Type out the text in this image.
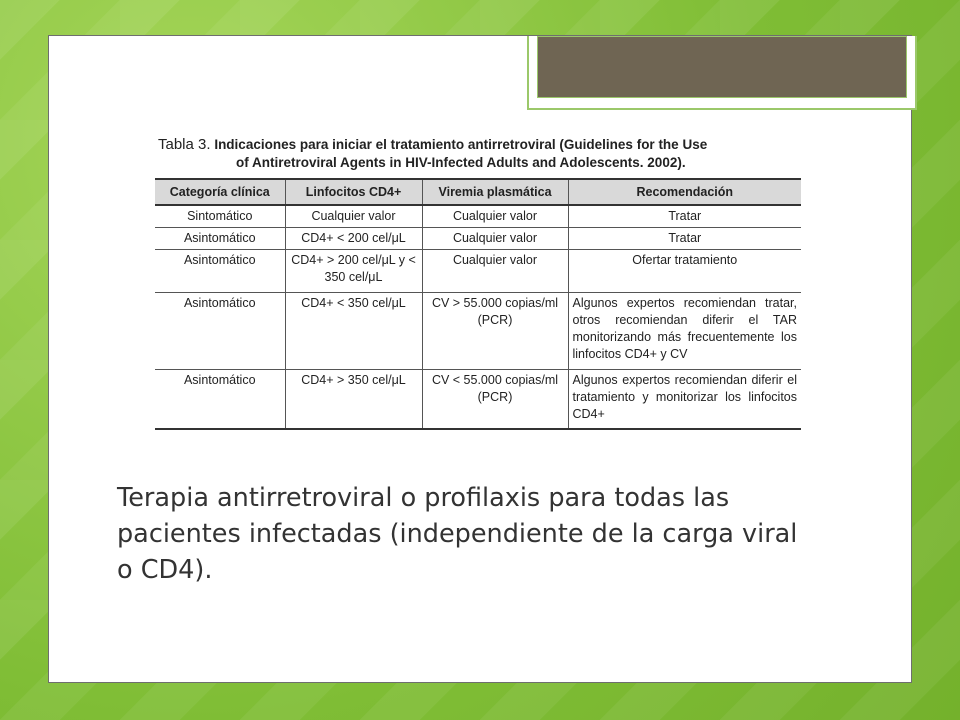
Tabla 3. Indicaciones para iniciar el tratamiento antirretroviral (Guidelines for the Use
of Antiretroviral Agents in HIV-Infected Adults and Adolescents. 2002).
Categoría clínica	Linfocitos CD4+	Viremia plasmática	Recomendación
Sintomático	Cualquier valor	Cualquier valor	Tratar
Asintomático	CD4+ < 200 cel/μL	Cualquier valor	Tratar
Asintomático	CD4+ > 200 cel/μL y < 350 cel/μL	Cualquier valor	Ofertar tratamiento
Asintomático	CD4+ < 350 cel/μL	CV > 55.000 copias/ml (PCR)	Algunos expertos recomiendan tratar, otros recomiendan diferir el TAR monitorizando más frecuentemente los linfocitos CD4+ y CV
Asintomático	CD4+ > 350 cel/μL	CV < 55.000 copias/ml (PCR)	Algunos expertos recomiendan diferir el tratamiento y monitorizar los linfocitos CD4+
Terapia antirretroviral o profilaxis para todas las pacientes infectadas (independiente de la carga viral o CD4).
